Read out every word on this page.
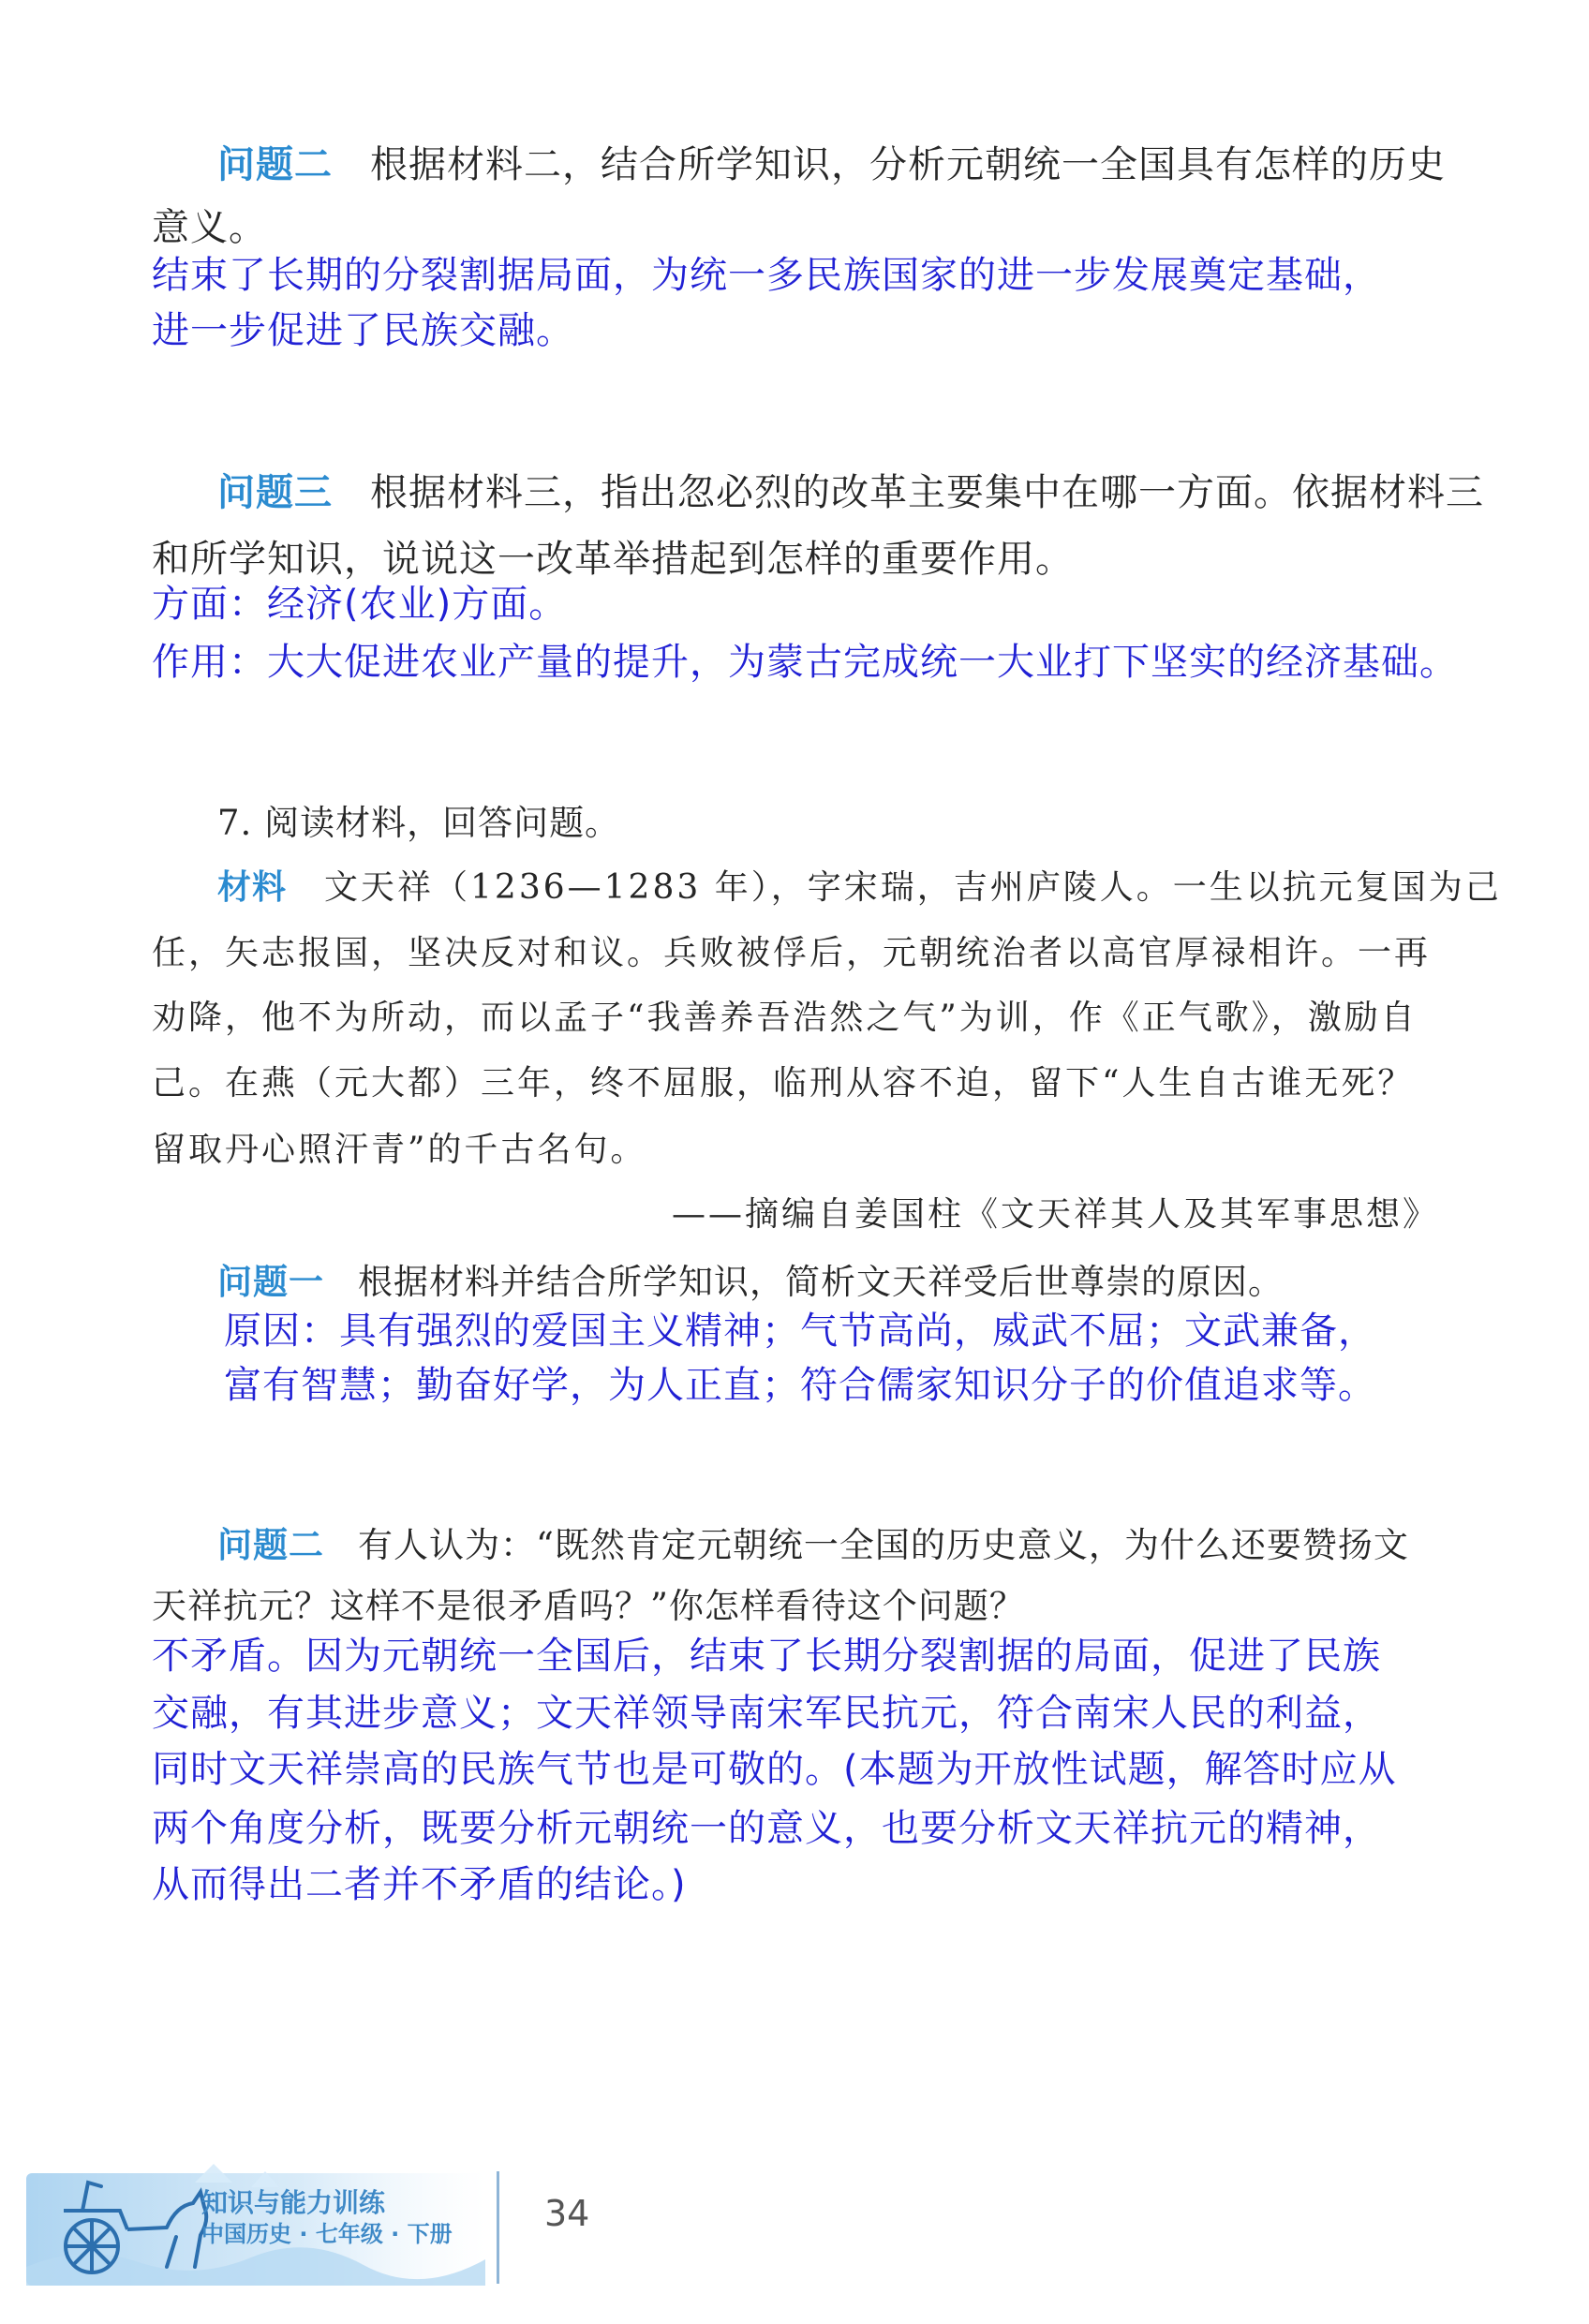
问题二 根据材料二，结合所学知识，分析元朝统一全国具有怎样的历史
意义。
结束了长期的分裂割据局面，为统一多民族国家的进一步发展奠定基础，
进一步促进了民族交融。
问题三 根据材料三，指出忽必烈的改革主要集中在哪一方面。依据材料三
和所学知识，说说这一改革举措起到怎样的重要作用。
方面：经济(农业)方面。
作用：大大促进农业产量的提升，为蒙古完成统一大业打下坚实的经济基础。
7. 阅读材料，回答问题。
材料 文天祥（1236—1283 年），字宋瑞，吉州庐陵人。一生以抗元复国为己
任，矢志报国，坚决反对和议。兵败被俘后，元朝统治者以高官厚禄相许。一再
劝降，他不为所动，而以孟子“我善养吾浩然之气”为训，作《正气歌》，激励自
己。在燕（元大都）三年，终不屈服，临刑从容不迫，留下“人生自古谁无死？
留取丹心照汗青”的千古名句。
——摘编自姜国柱《文天祥其人及其军事思想》
问题一 根据材料并结合所学知识，简析文天祥受后世尊崇的原因。
原因：具有强烈的爱国主义精神；气节高尚，威武不屈；文武兼备，
富有智慧；勤奋好学，为人正直；符合儒家知识分子的价值追求等。
问题二 有人认为：“既然肯定元朝统一全国的历史意义，为什么还要赞扬文
天祥抗元？这样不是很矛盾吗？”你怎样看待这个问题？
不矛盾。因为元朝统一全国后，结束了长期分裂割据的局面，促进了民族
交融，有其进步意义；文天祥领导南宋军民抗元，符合南宋人民的利益，
同时文天祥崇高的民族气节也是可敬的。(本题为开放性试题，解答时应从
两个角度分析，既要分析元朝统一的意义，也要分析文天祥抗元的精神，
从而得出二者并不矛盾的结论。)
知识与能力训练
中国历史 · 七年级 · 下册	34
